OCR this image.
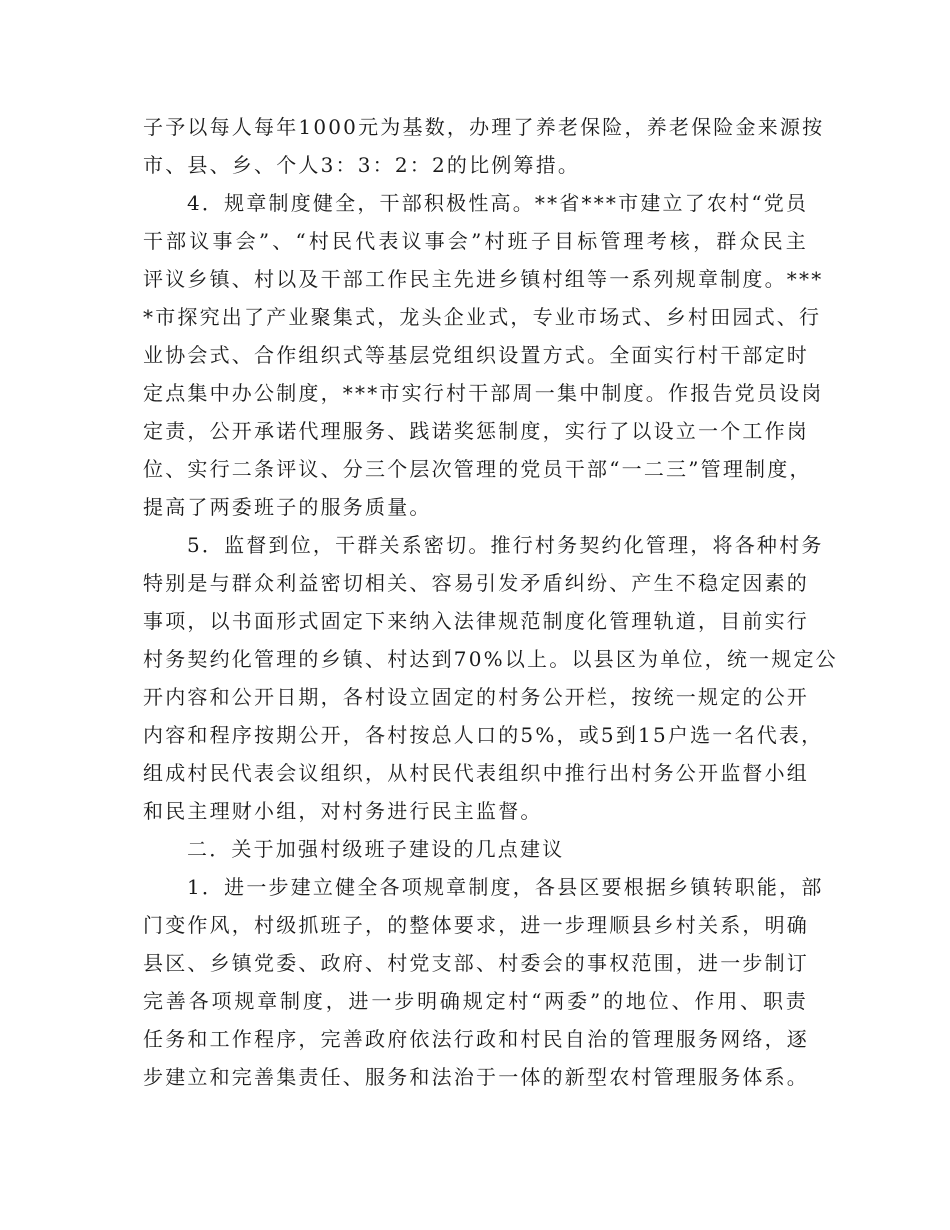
子予以每人每年1000元为基数，办理了养老保险，养老保险金来源按
市、县、乡、个人3：3：2：2的比例筹措。
4．规章制度健全，干部积极性高。**省***市建立了农村“党员
干部议事会”、“村民代表议事会”村班子目标管理考核，群众民主
评议乡镇、村以及干部工作民主先进乡镇村组等一系列规章制度。***
*市探究出了产业聚集式，龙头企业式，专业市场式、乡村田园式、行
业协会式、合作组织式等基层党组织设置方式。全面实行村干部定时
定点集中办公制度，***市实行村干部周一集中制度。作报告党员设岗
定责，公开承诺代理服务、践诺奖惩制度，实行了以设立一个工作岗
位、实行二条评议、分三个层次管理的党员干部“一二三”管理制度，
提高了两委班子的服务质量。
5．监督到位，干群关系密切。推行村务契约化管理，将各种村务
特别是与群众利益密切相关、容易引发矛盾纠纷、产生不稳定因素的
事项，以书面形式固定下来纳入法律规范制度化管理轨道，目前实行
村务契约化管理的乡镇、村达到70%以上。以县区为单位，统一规定公
开内容和公开日期，各村设立固定的村务公开栏，按统一规定的公开
内容和程序按期公开，各村按总人口的5%，或5到15户选一名代表，
组成村民代表会议组织，从村民代表组织中推行出村务公开监督小组
和民主理财小组，对村务进行民主监督。
二．关于加强村级班子建设的几点建议
1．进一步建立健全各项规章制度，各县区要根据乡镇转职能，部
门变作风，村级抓班子，的整体要求，进一步理顺县乡村关系，明确
县区、乡镇党委、政府、村党支部、村委会的事权范围，进一步制订
完善各项规章制度，进一步明确规定村“两委”的地位、作用、职责
任务和工作程序，完善政府依法行政和村民自治的管理服务网络，逐
步建立和完善集责任、服务和法治于一体的新型农村管理服务体系。
